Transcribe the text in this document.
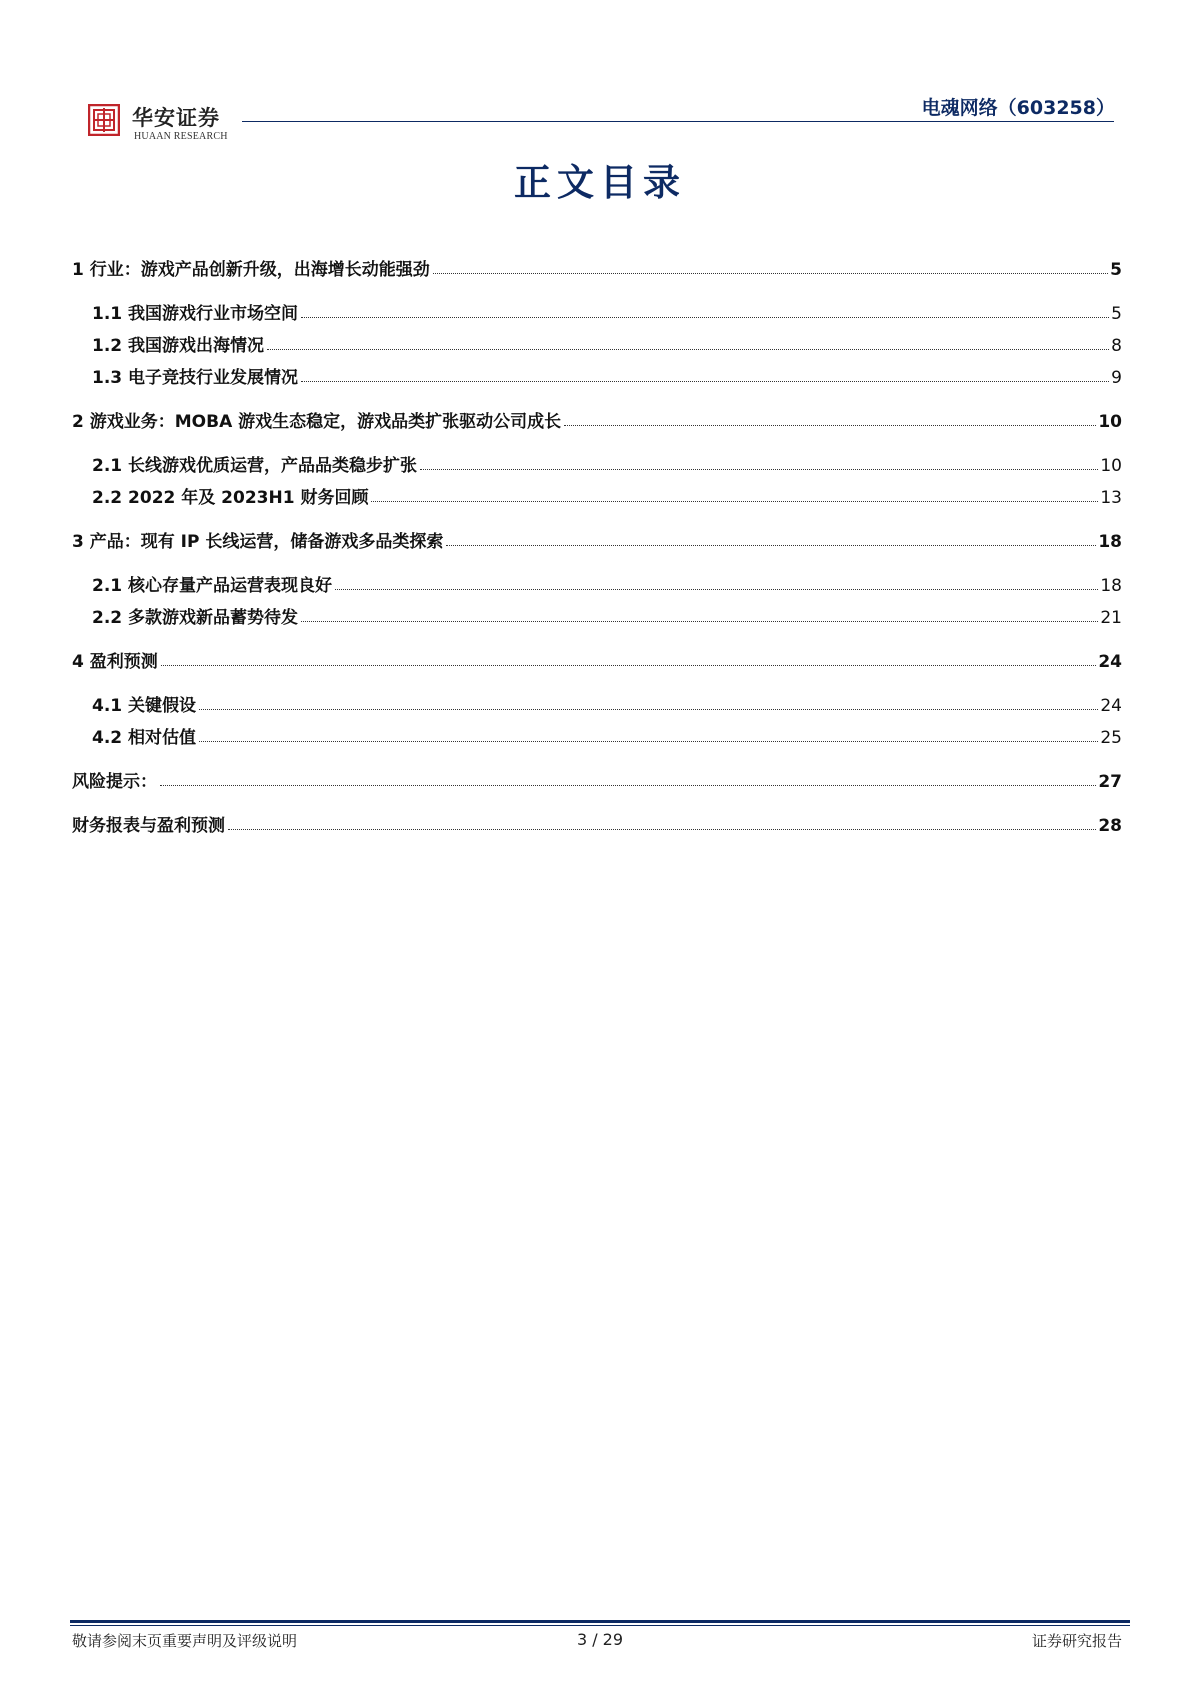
华安证券
HUAAN RESEARCH
电魂网络（603258）
正文目录
1 行业：游戏产品创新升级，出海增长动能强劲	5
1.1 我国游戏行业市场空间	5
1.2 我国游戏出海情况	8
1.3 电子竞技行业发展情况	9
2 游戏业务：MOBA 游戏生态稳定，游戏品类扩张驱动公司成长	10
2.1 长线游戏优质运营，产品品类稳步扩张	10
2.2 2022 年及 2023H1 财务回顾	13
3 产品：现有 IP 长线运营，储备游戏多品类探索	18
2.1 核心存量产品运营表现良好	18
2.2 多款游戏新品蓄势待发	21
4 盈利预测	24
4.1 关键假设	24
4.2 相对估值	25
风险提示：	27
财务报表与盈利预测	28
敬请参阅末页重要声明及评级说明	3 / 29	证券研究报告
